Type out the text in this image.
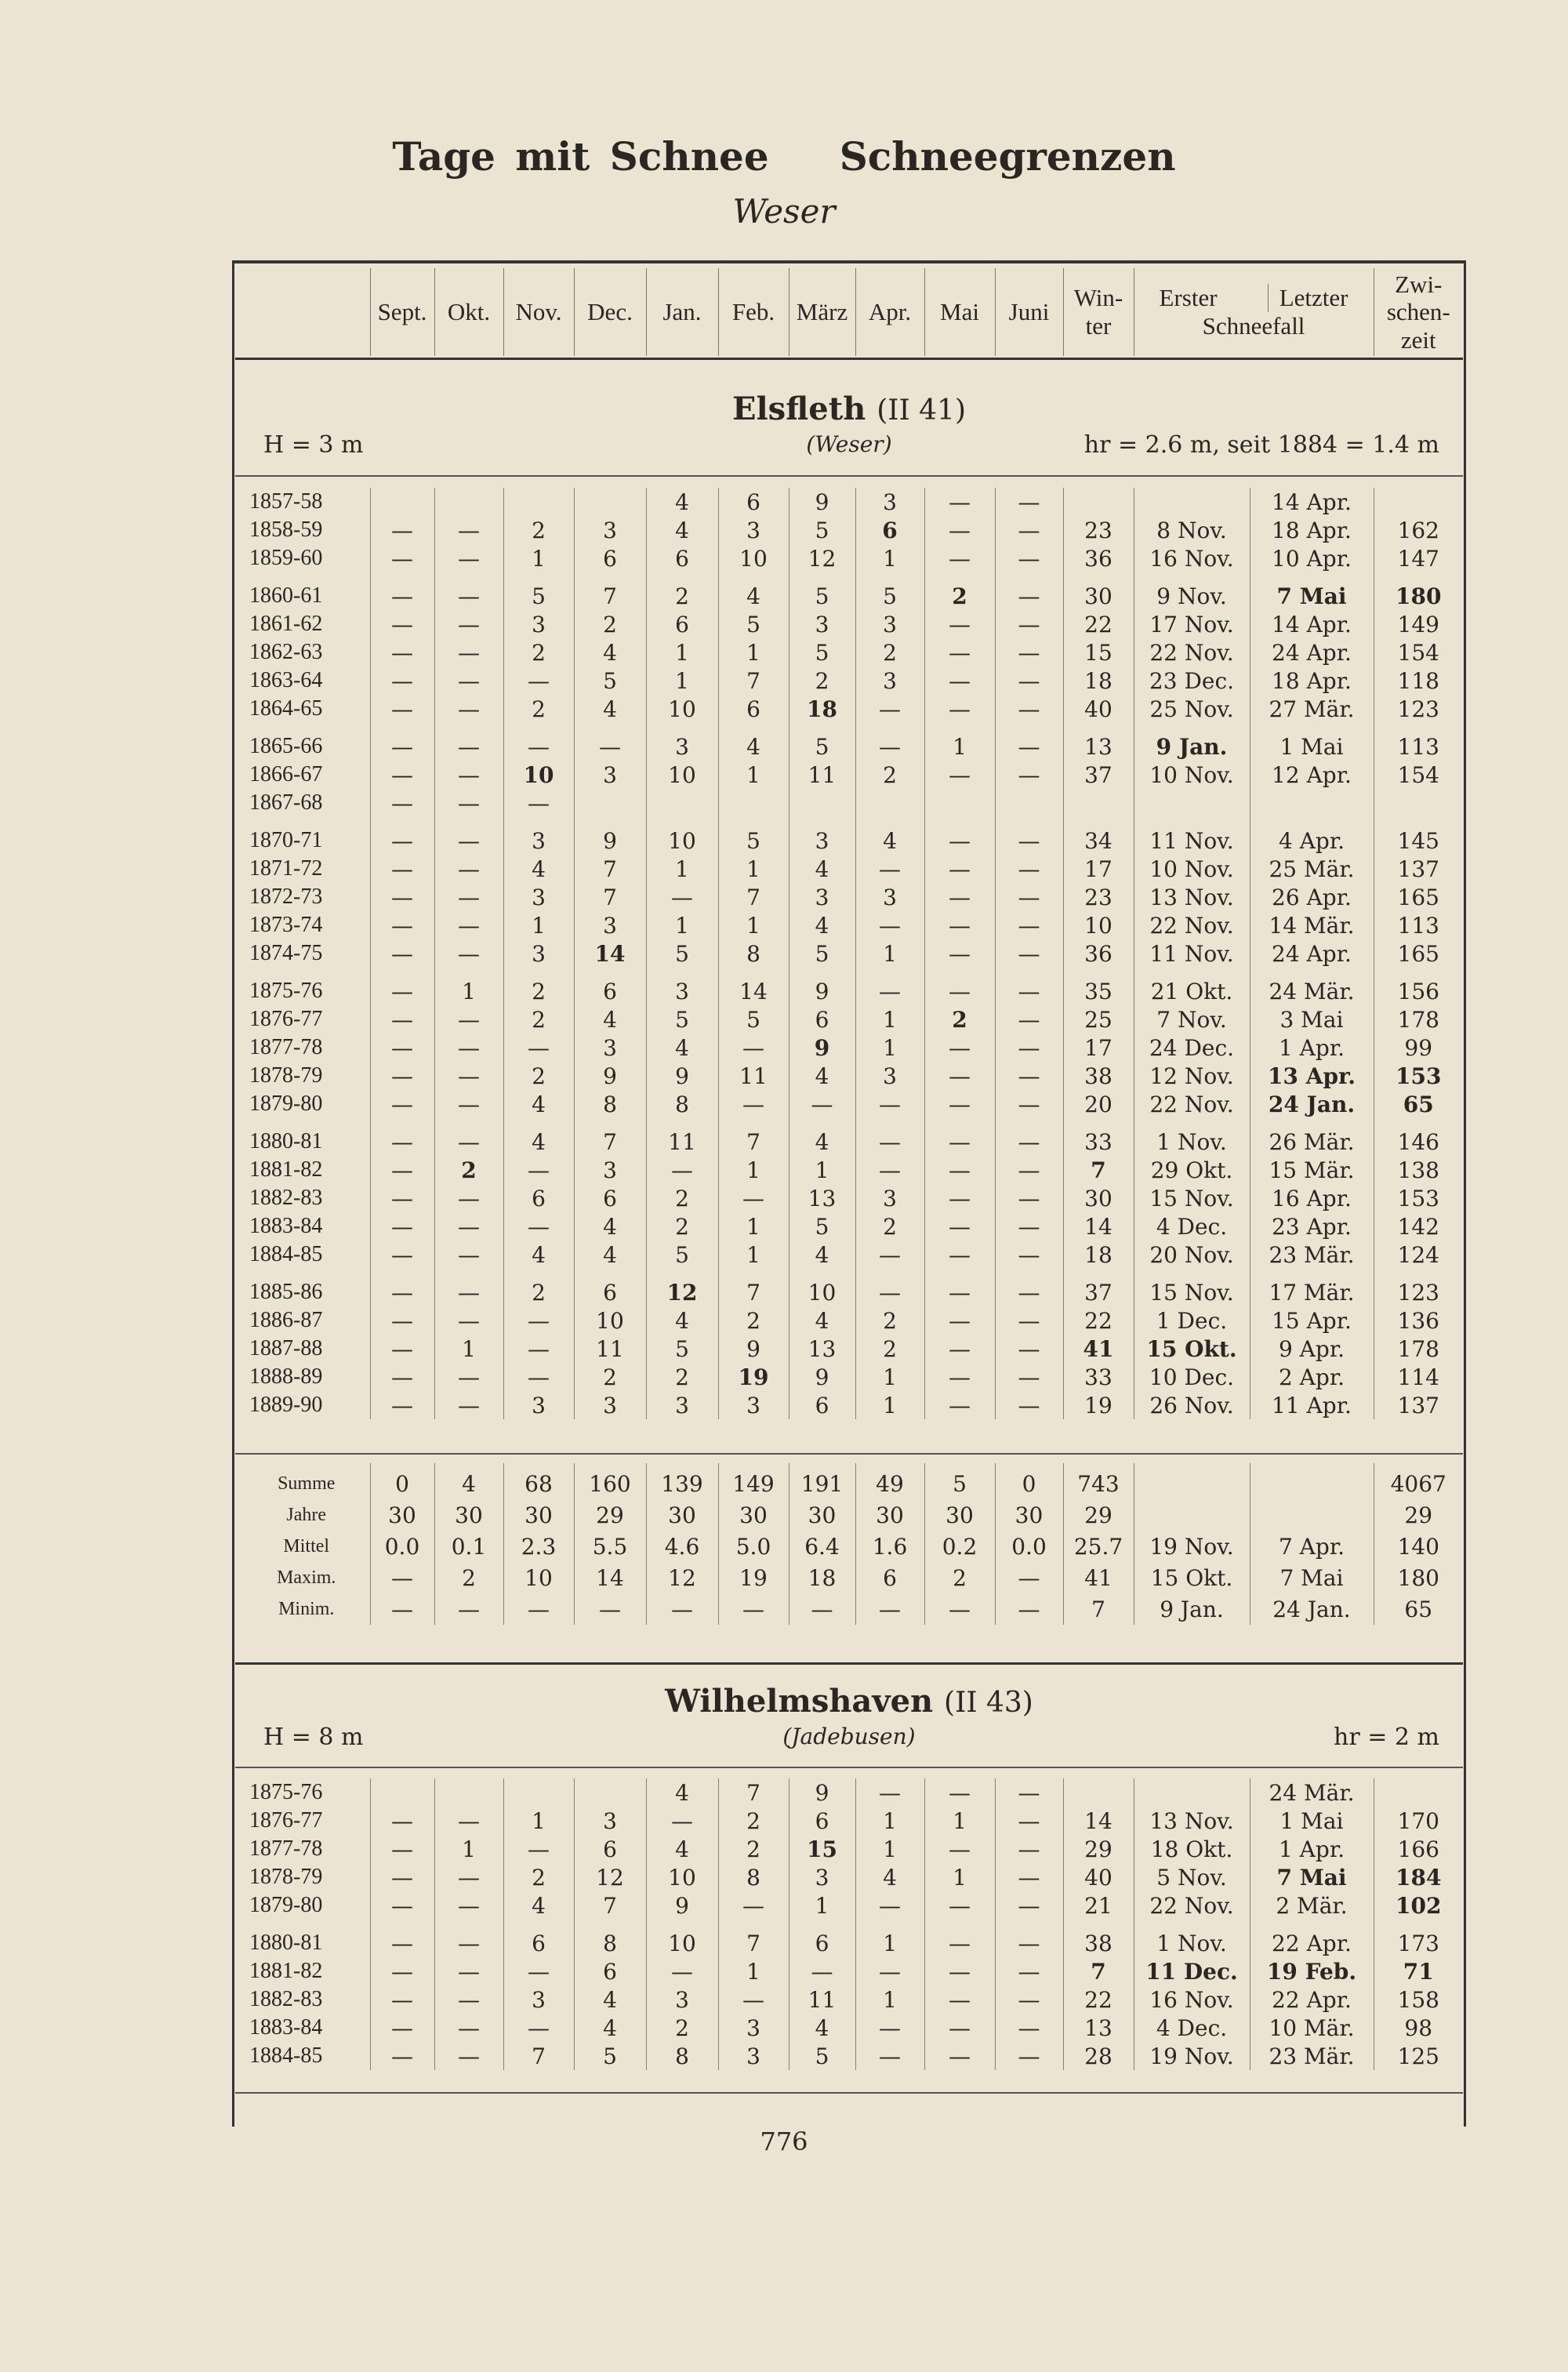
Tage mit Schnee Schneegrenzen
Weser
	Sept.	Okt.	Nov.	Dec.	Jan.	Feb.	März	Apr.	Mai	Juni	Win-
ter	
Erster	Letzter
Schneefall
	Zwi-
schen-
zeit
Elsfleth (II 41)
(Weser)
H = 3 m	hr = 2.6 m, seit 1884 = 1.4 m
1857-58					4	6	9	3	—	—			14 Apr.	
1858-59	—	—	2	3	4	3	5	6	—	—	23	8 Nov.	18 Apr.	162
1859-60	—	—	1	6	6	10	12	1	—	—	36	16 Nov.	10 Apr.	147

1860-61	—	—	5	7	2	4	5	5	2	—	30	9 Nov.	7 Mai	180
1861-62	—	—	3	2	6	5	3	3	—	—	22	17 Nov.	14 Apr.	149
1862-63	—	—	2	4	1	1	5	2	—	—	15	22 Nov.	24 Apr.	154
1863-64	—	—	—	5	1	7	2	3	—	—	18	23 Dec.	18 Apr.	118
1864-65	—	—	2	4	10	6	18	—	—	—	40	25 Nov.	27 Mär.	123

1865-66	—	—	—	—	3	4	5	—	1	—	13	9 Jan.	1 Mai	113
1866-67	—	—	10	3	10	1	11	2	—	—	37	10 Nov.	12 Apr.	154
1867-68	—	—	—											

1870-71	—	—	3	9	10	5	3	4	—	—	34	11 Nov.	4 Apr.	145
1871-72	—	—	4	7	1	1	4	—	—	—	17	10 Nov.	25 Mär.	137
1872-73	—	—	3	7	—	7	3	3	—	—	23	13 Nov.	26 Apr.	165
1873-74	—	—	1	3	1	1	4	—	—	—	10	22 Nov.	14 Mär.	113
1874-75	—	—	3	14	5	8	5	1	—	—	36	11 Nov.	24 Apr.	165

1875-76	—	1	2	6	3	14	9	—	—	—	35	21 Okt.	24 Mär.	156
1876-77	—	—	2	4	5	5	6	1	2	—	25	7 Nov.	3 Mai	178
1877-78	—	—	—	3	4	—	9	1	—	—	17	24 Dec.	1 Apr.	99
1878-79	—	—	2	9	9	11	4	3	—	—	38	12 Nov.	13 Apr.	153
1879-80	—	—	4	8	8	—	—	—	—	—	20	22 Nov.	24 Jan.	65

1880-81	—	—	4	7	11	7	4	—	—	—	33	1 Nov.	26 Mär.	146
1881-82	—	2	—	3	—	1	1	—	—	—	7	29 Okt.	15 Mär.	138
1882-83	—	—	6	6	2	—	13	3	—	—	30	15 Nov.	16 Apr.	153
1883-84	—	—	—	4	2	1	5	2	—	—	14	4 Dec.	23 Apr.	142
1884-85	—	—	4	4	5	1	4	—	—	—	18	20 Nov.	23 Mär.	124

1885-86	—	—	2	6	12	7	10	—	—	—	37	15 Nov.	17 Mär.	123
1886-87	—	—	—	10	4	2	4	2	—	—	22	1 Dec.	15 Apr.	136
1887-88	—	1	—	11	5	9	13	2	—	—	41	15 Okt.	9 Apr.	178
1888-89	—	—	—	2	2	19	9	1	—	—	33	10 Dec.	2 Apr.	114
1889-90	—	—	3	3	3	3	6	1	—	—	19	26 Nov.	11 Apr.	137
Summe	0	4	68	160	139	149	191	49	5	0	743			4067
Jahre	30	30	30	29	30	30	30	30	30	30	29			29
Mittel	0.0	0.1	2.3	5.5	4.6	5.0	6.4	1.6	0.2	0.0	25.7	19 Nov.	7 Apr.	140
Maxim.	—	2	10	14	12	19	18	6	2	—	41	15 Okt.	7 Mai	180
Minim.	—	—	—	—	—	—	—	—	—	—	7	9 Jan.	24 Jan.	65
Wilhelmshaven (II 43)
(Jadebusen)
H = 8 m	hr = 2 m
1875-76					4	7	9	—	—	—			24 Mär.	
1876-77	—	—	1	3	—	2	6	1	1	—	14	13 Nov.	1 Mai	170
1877-78	—	1	—	6	4	2	15	1	—	—	29	18 Okt.	1 Apr.	166
1878-79	—	—	2	12	10	8	3	4	1	—	40	5 Nov.	7 Mai	184
1879-80	—	—	4	7	9	—	1	—	—	—	21	22 Nov.	2 Mär.	102

1880-81	—	—	6	8	10	7	6	1	—	—	38	1 Nov.	22 Apr.	173
1881-82	—	—	—	6	—	1	—	—	—	—	7	11 Dec.	19 Feb.	71
1882-83	—	—	3	4	3	—	11	1	—	—	22	16 Nov.	22 Apr.	158
1883-84	—	—	—	4	2	3	4	—	—	—	13	4 Dec.	10 Mär.	98
1884-85	—	—	7	5	8	3	5	—	—	—	28	19 Nov.	23 Mär.	125
776
